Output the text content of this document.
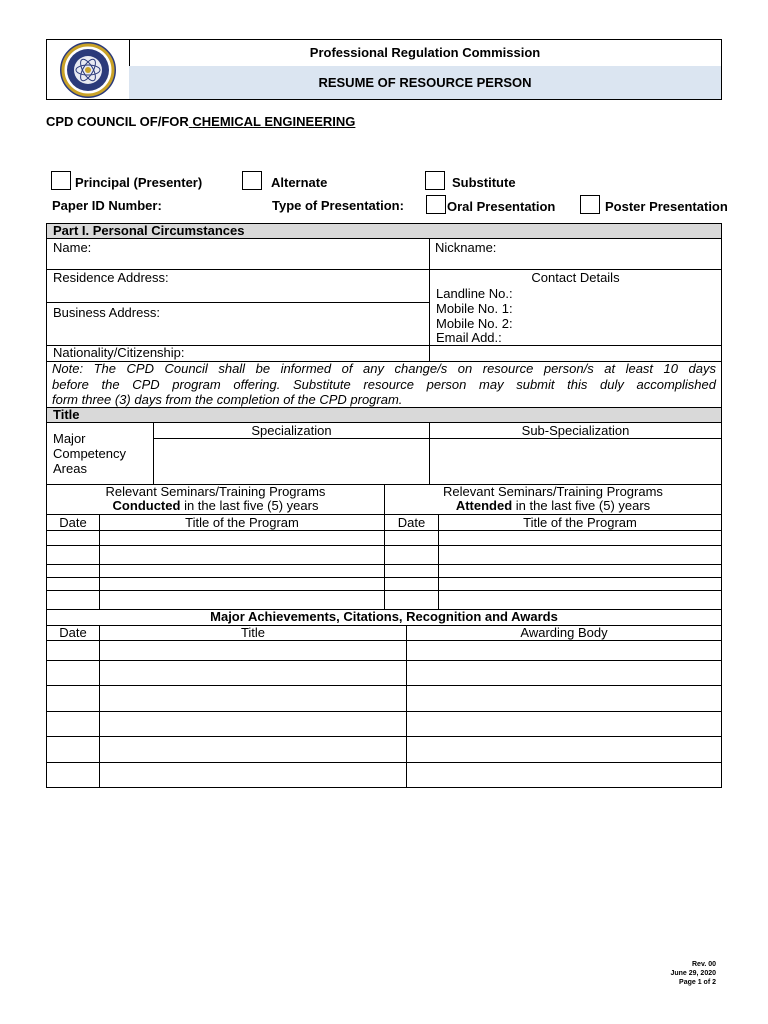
Professional Regulation Commission
RESUME OF RESOURCE PERSON
CPD COUNCIL OF/FOR CHEMICAL ENGINEERING
Principal (Presenter)	Alternate	Substitute
Paper ID Number:	Type of Presentation:	Oral Presentation	Poster Presentation
Part I. Personal Circumstances
Name:	Nickname:
Residence Address:	Contact Details
Landline No.:
Mobile No. 1:
Mobile No. 2:
Email Add.:
Business Address:
Nationality/Citizenship:
Note: The CPD Council shall be informed of any change/s on resource person/s at least 10 days
before the CPD program offering. Substitute resource person may submit this duly accomplished
form three (3) days from the completion of the CPD program.
Title
Major
Competency
Areas
Specialization	Sub-Specialization
Relevant Seminars/Training Programs
Conducted in the last five (5) years
Relevant Seminars/Training Programs
Attended in the last five (5) years
Date	Title of the Program	Date	Title of the Program
Major Achievements, Citations, Recognition and Awards
Date	Title	Awarding Body
Rev. 00
June 29, 2020
Page 1 of 2
